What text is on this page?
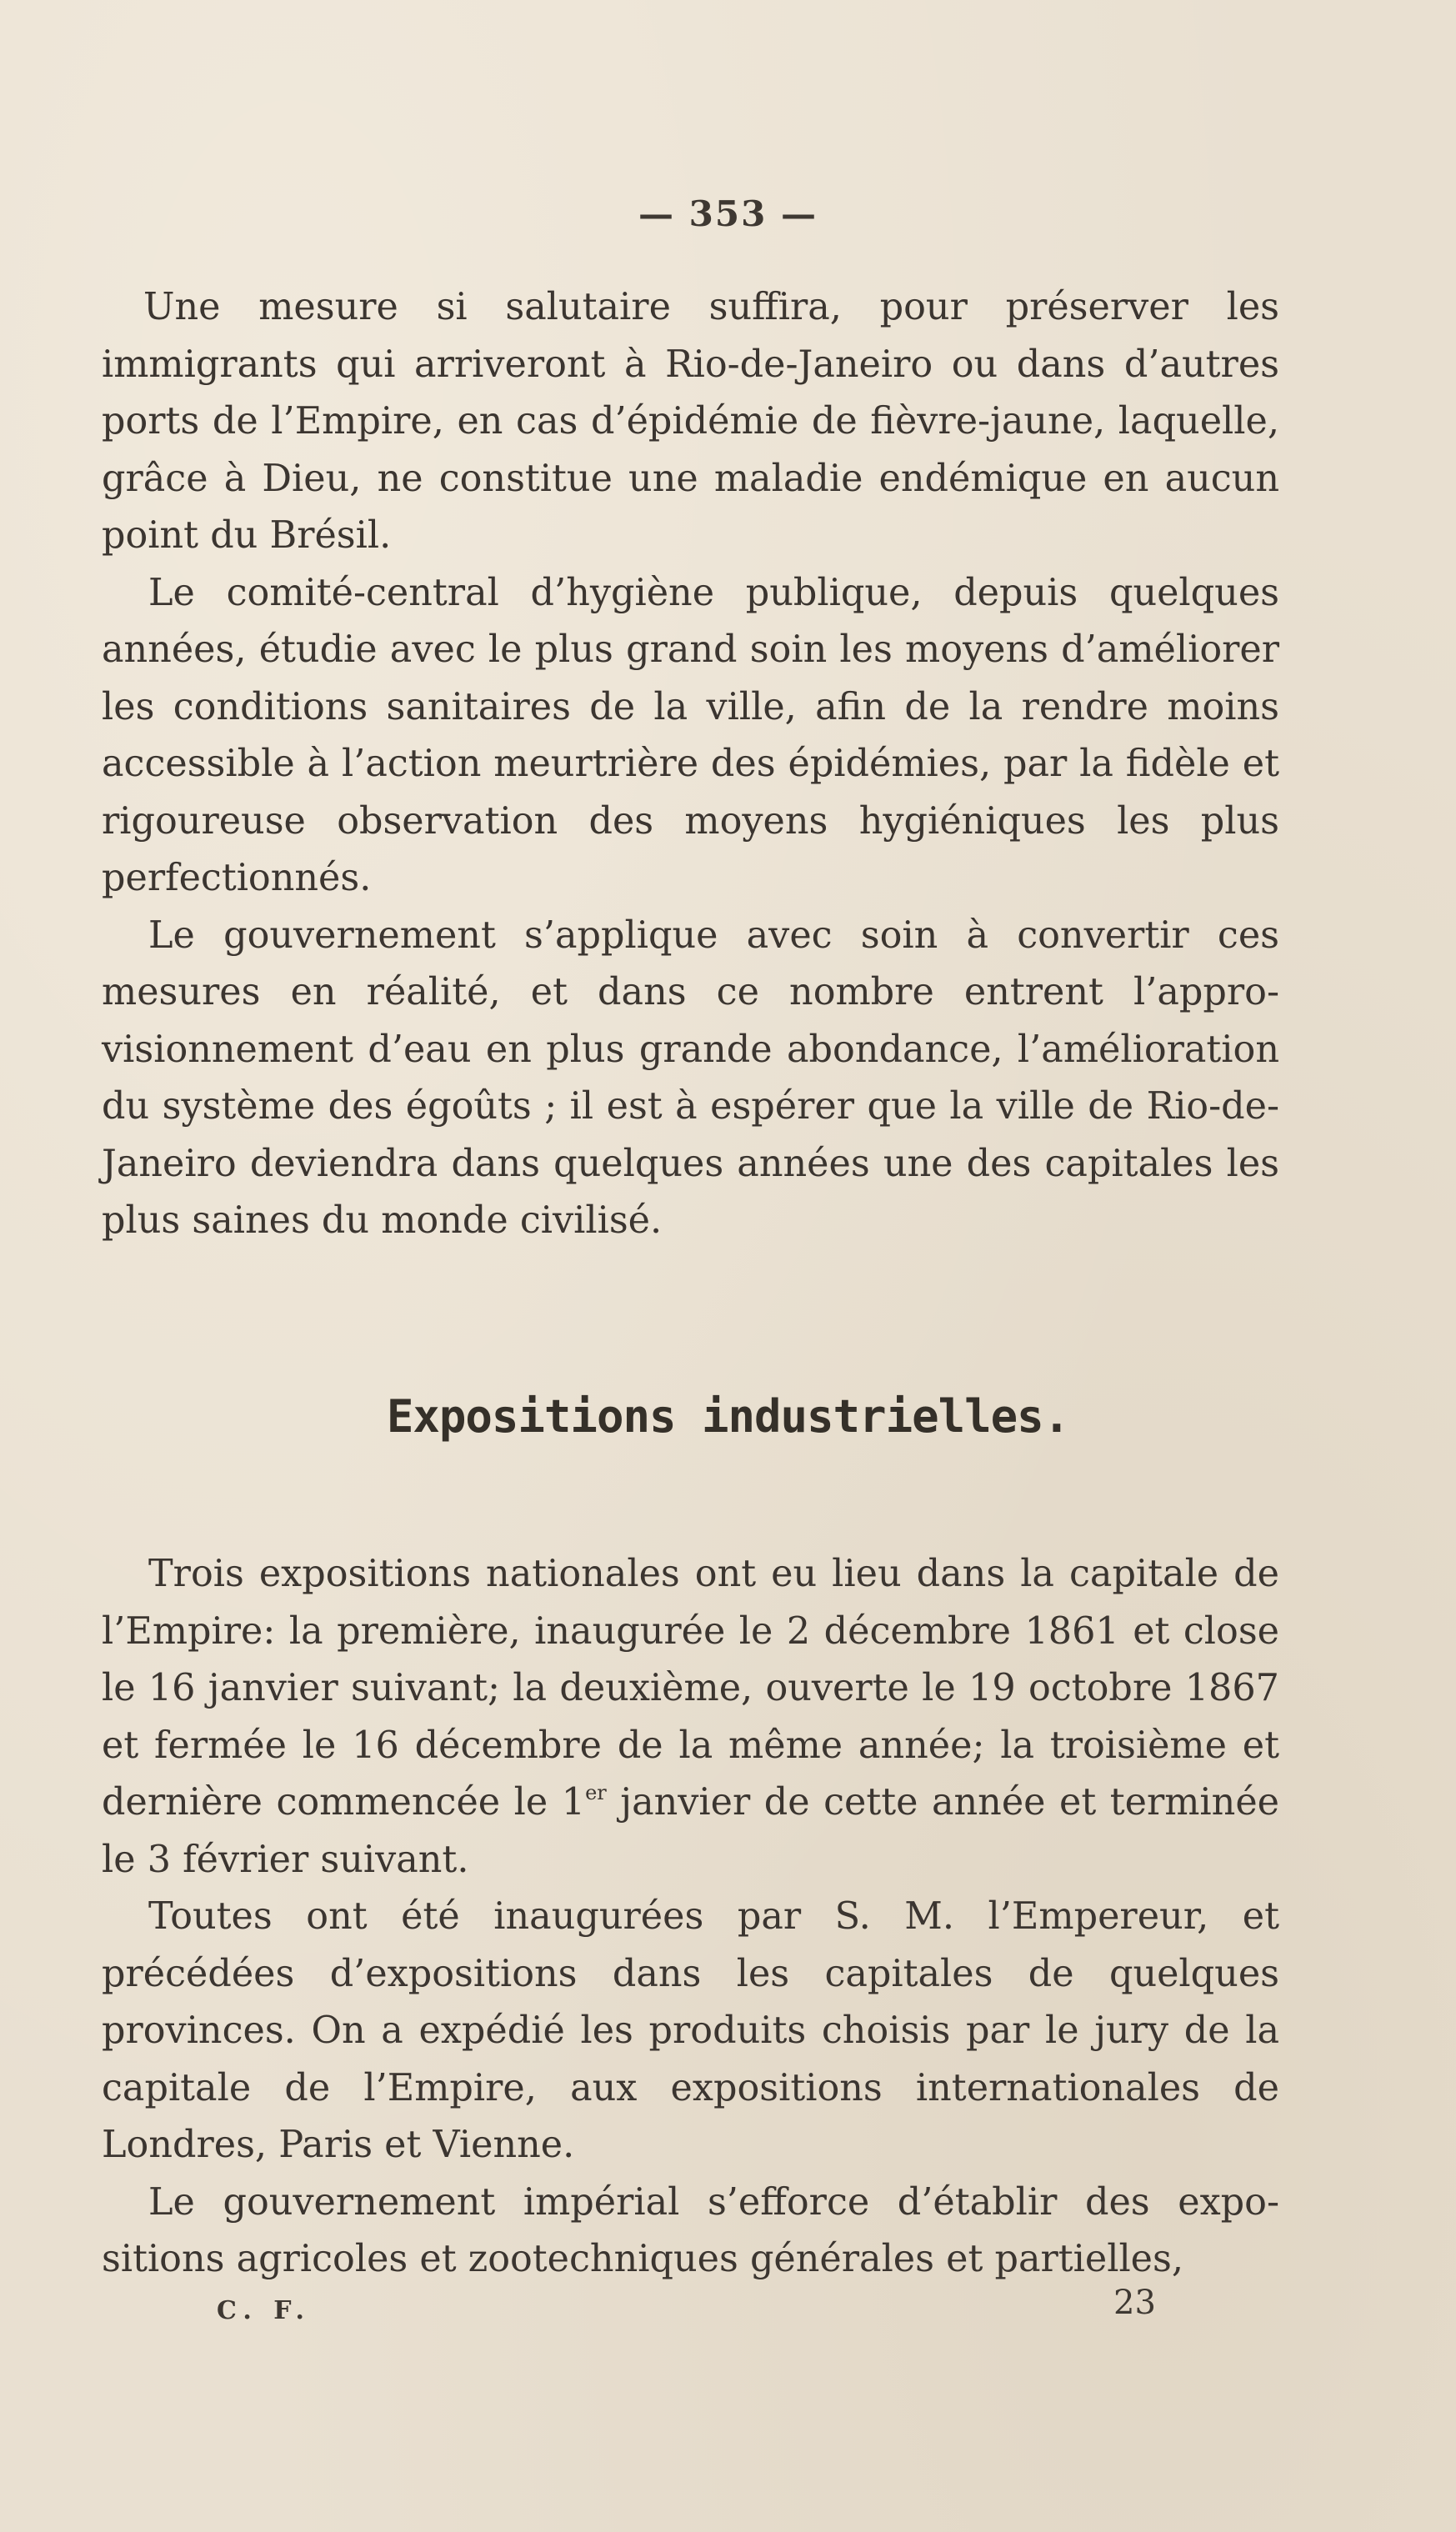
— 353 —

Une mesure si salutaire suffira, pour préserver les immigrants qui arriveront à Rio-de-Janeiro ou dans d’autres ports de l’Empire, en cas d’épidémie de fièvre-jaune, laquelle, grâce à Dieu, ne constitue une maladie endémique en aucun point du Brésil.

Le comité-central d’hygiène publique, depuis quelques années, étudie avec le plus grand soin les moyens d’améliorer les conditions sanitaires de la ville, afin de la rendre moins accessible à l’action meurtrière des épidémies, par la fidèle et rigoureuse observation des moyens hygiéniques les plus perfectionnés.

Le gouvernement s’applique avec soin à convertir ces mesures en réalité, et dans ce nombre entrent l’approvisionnement d’eau en plus grande abondance, l’amélioration du système des égoûts ; il est à espérer que la ville de Rio-de-Janeiro deviendra dans quelques années une des capitales les plus saines du monde civilisé.

Expositions industrielles.

Trois expositions nationales ont eu lieu dans la capitale de l’Empire: la première, inaugurée le 2 décembre 1861 et close le 16 janvier suivant; la deuxième, ouverte le 19 octobre 1867 et fermée le 16 décembre de la même année; la troisième et dernière commencée le 1er janvier de cette année et terminée le 3 février suivant.

Toutes ont été inaugurées par S. M. l’Empereur, et précédées d’expositions dans les capitales de quelques provinces. On a expédié les produits choisis par le jury de la capitale de l’Empire, aux expositions internationales de Londres, Paris et Vienne.

Le gouvernement impérial s’efforce d’établir des expositions agricoles et zootechniques générales et partielles,

C. F.	23
